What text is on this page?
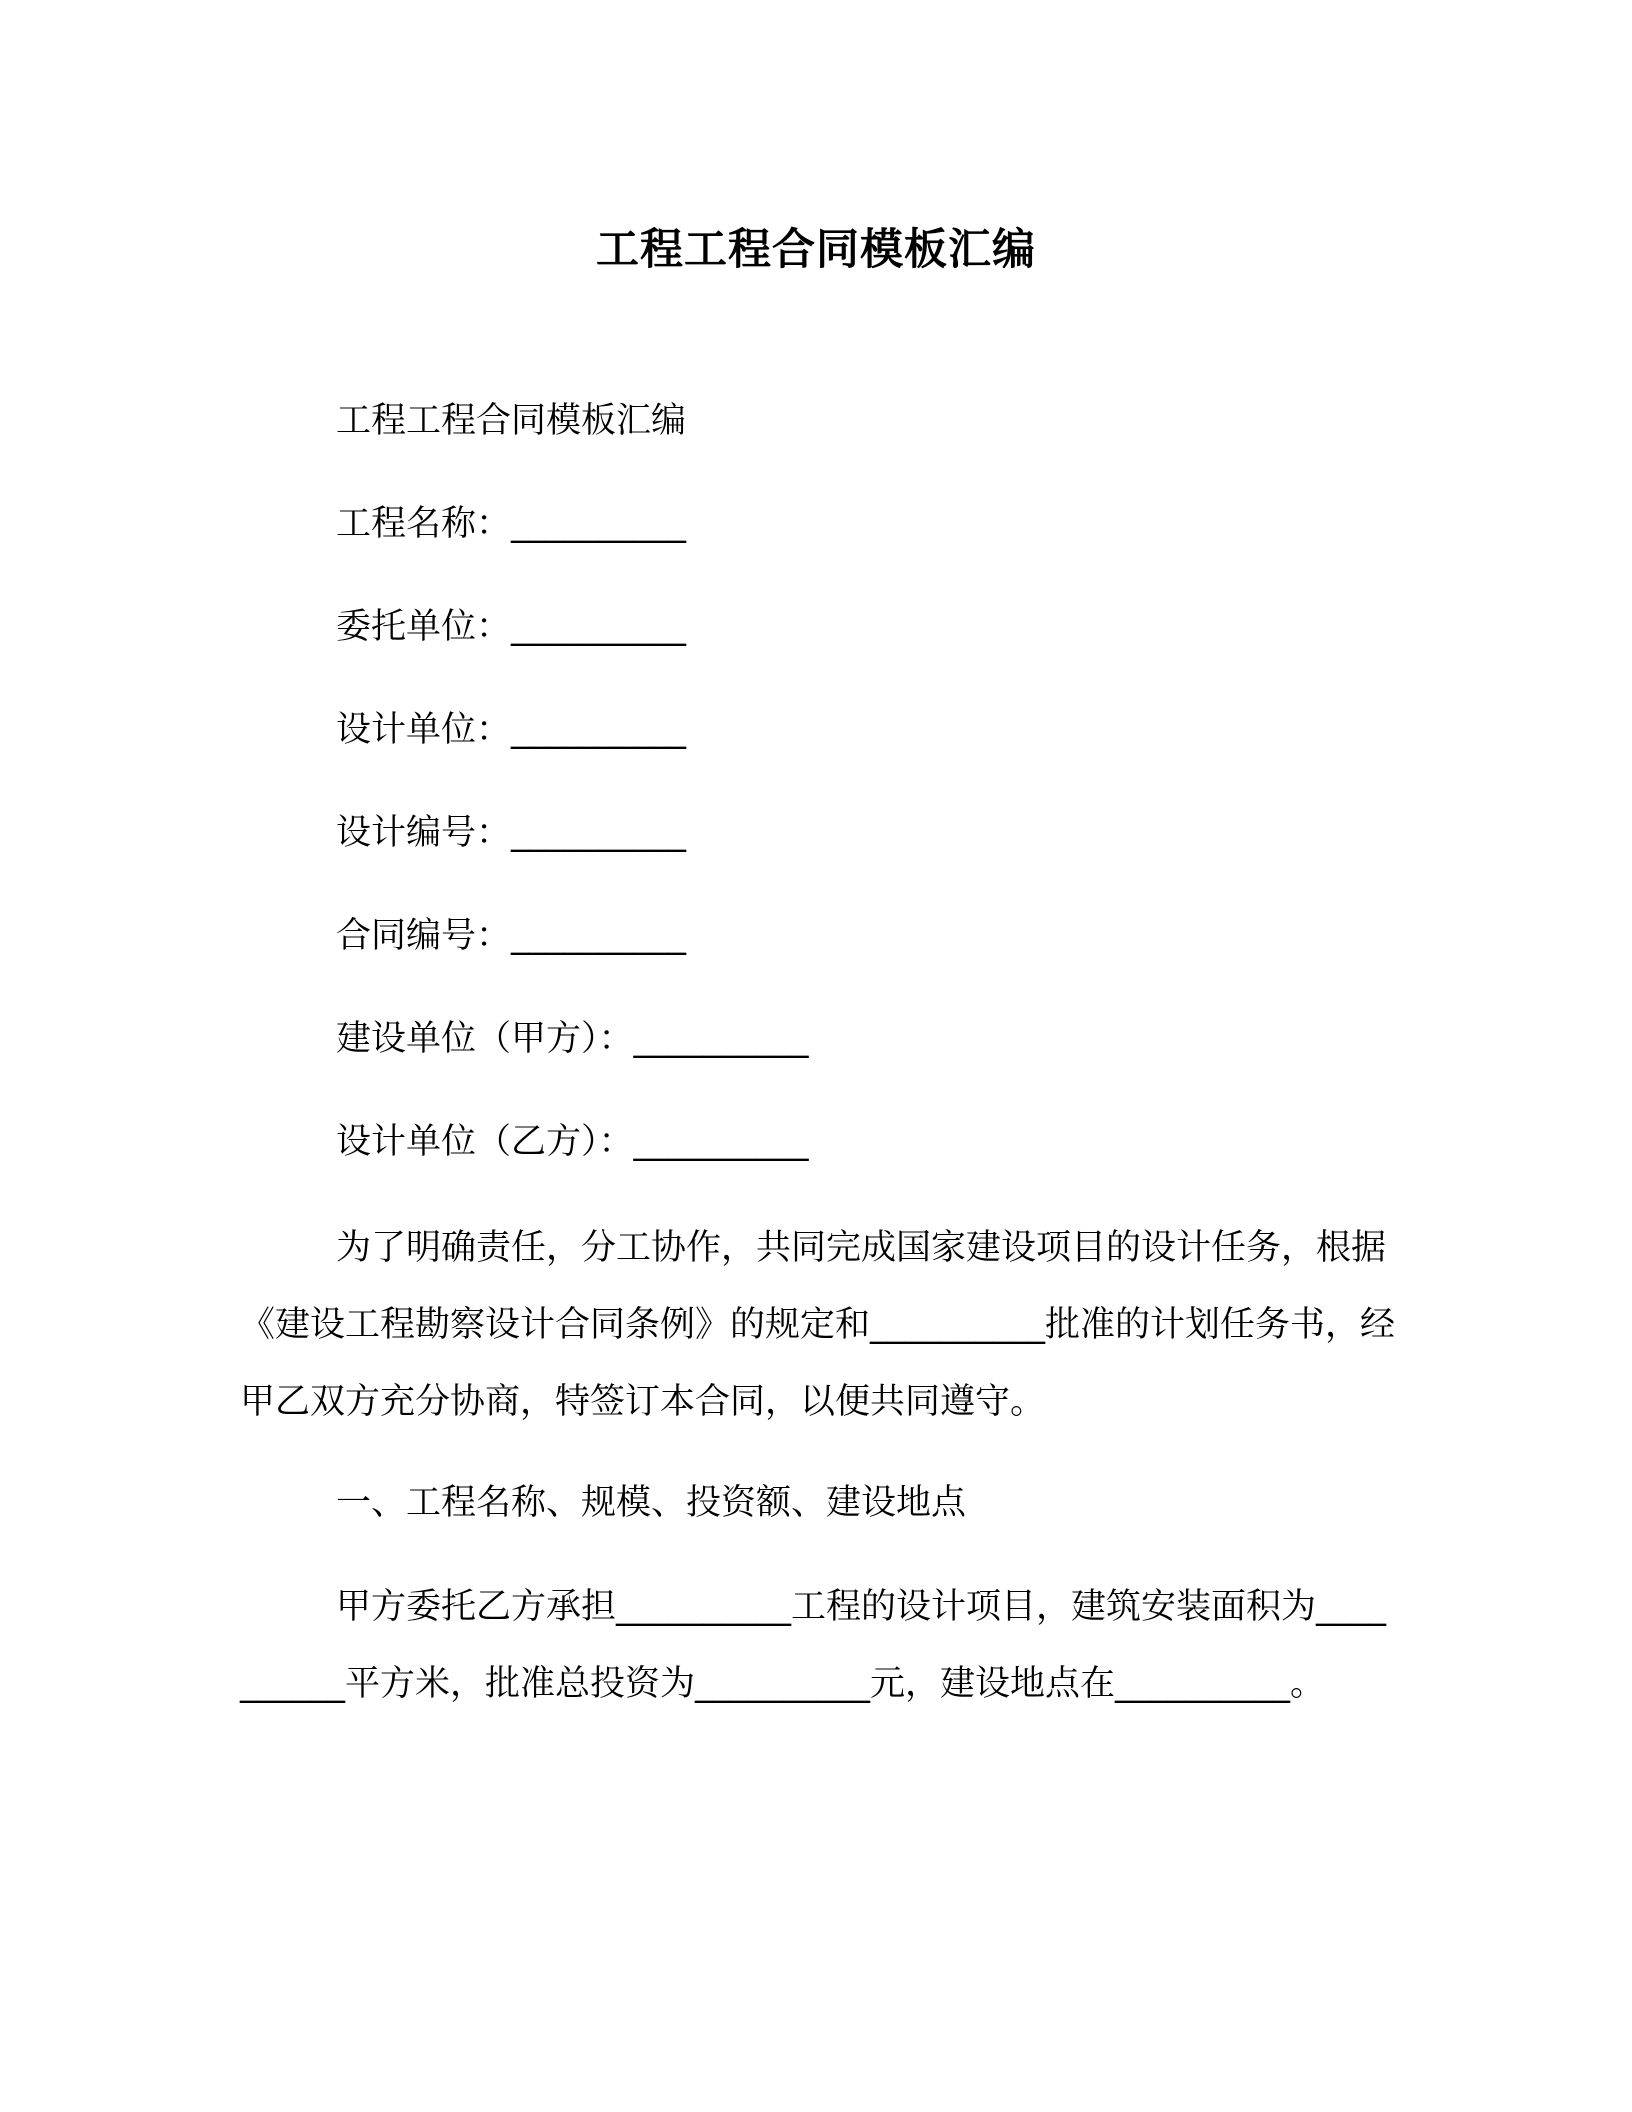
工程工程合同模板汇编
工程工程合同模板汇编
工程名称：__________
委托单位：__________
设计单位：__________
设计编号：__________
合同编号：__________
建设单位（甲方）：__________
设计单位（乙方）：__________
为了明确责任，分工协作，共同完成国家建设项目的设计任务，根据《建设工程勘察设计合同条例》的规定和__________批准的计划任务书，经甲乙双方充分协商，特签订本合同，以便共同遵守。
一、工程名称、规模、投资额、建设地点
甲方委托乙方承担__________工程的设计项目，建筑安装面积为__________平方米，批准总投资为__________元，建设地点在__________。
